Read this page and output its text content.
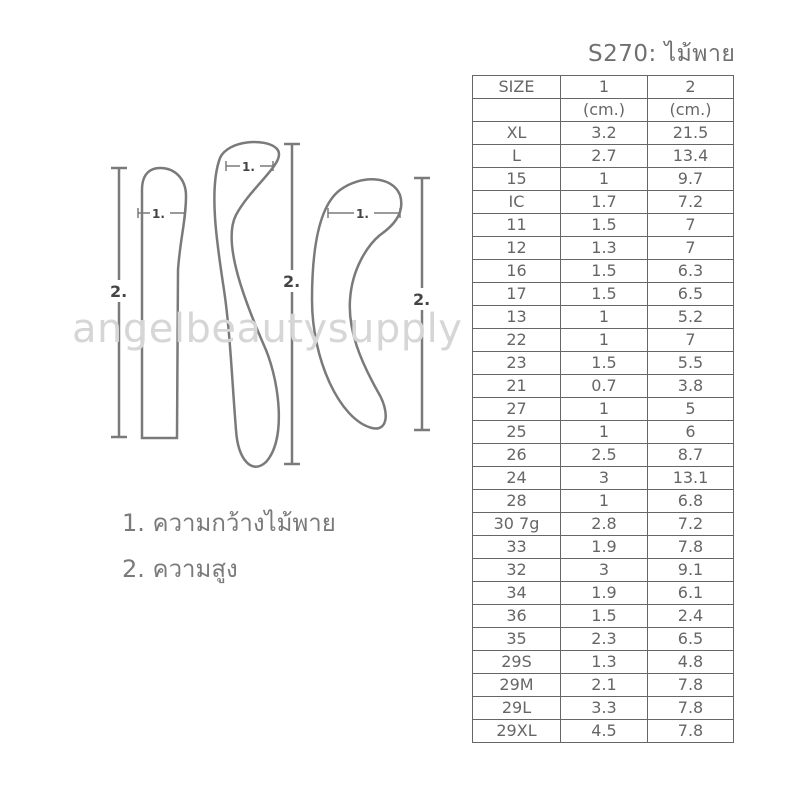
S270: ไม้พาย
2.
1.
2.
1.
2.
1.
angelbeautysupply
1. ความกว้างไม้พาย
2. ความสูง
SIZE	1	2
	(cm.)	(cm.)
XL	3.2	21.5
L	2.7	13.4
15	1	9.7
IC	1.7	7.2
11	1.5	7
12	1.3	7
16	1.5	6.3
17	1.5	6.5
13	1	5.2
22	1	7
23	1.5	5.5
21	0.7	3.8
27	1	5
25	1	6
26	2.5	8.7
24	3	13.1
28	1	6.8
30 7g	2.8	7.2
33	1.9	7.8
32	3	9.1
34	1.9	6.1
36	1.5	2.4
35	2.3	6.5
29S	1.3	4.8
29M	2.1	7.8
29L	3.3	7.8
29XL	4.5	7.8
